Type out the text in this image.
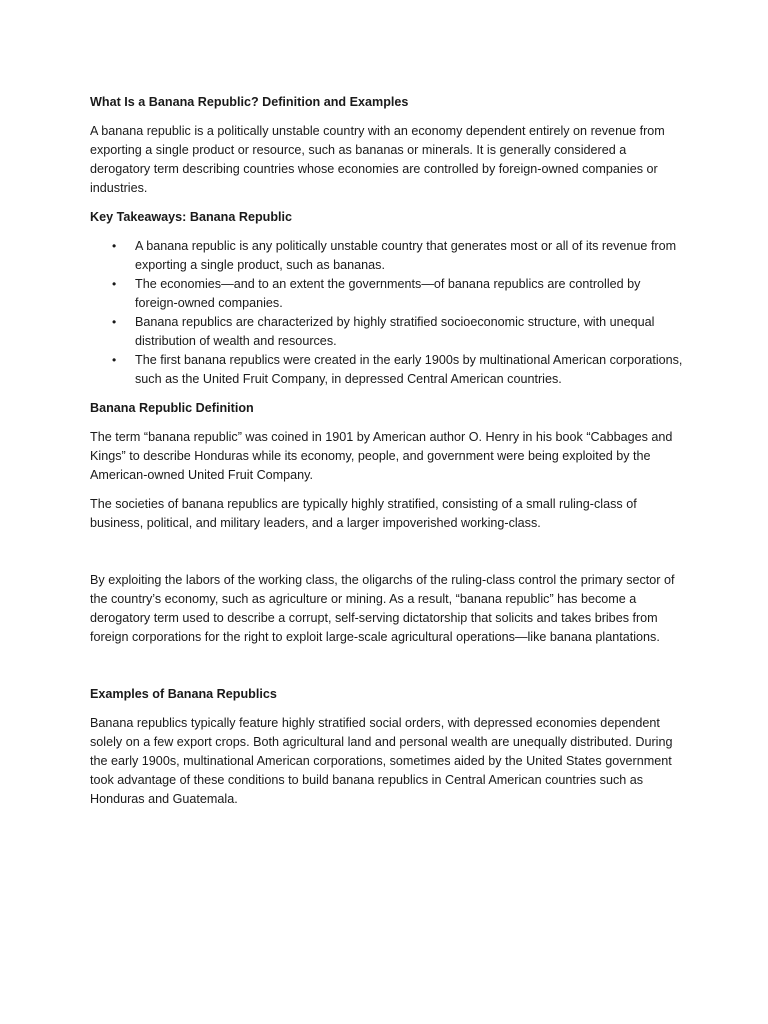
What Is a Banana Republic? Definition and Examples

A banana republic is a politically unstable country with an economy dependent entirely on revenue from exporting a single product or resource, such as bananas or minerals. It is generally considered a derogatory term describing countries whose economies are controlled by foreign-owned companies or industries.

Key Takeaways: Banana Republic
• A banana republic is any politically unstable country that generates most or all of its revenue from exporting a single product, such as bananas.
• The economies—and to an extent the governments—of banana republics are controlled by foreign-owned companies.
• Banana republics are characterized by highly stratified socioeconomic structure, with unequal distribution of wealth and resources.
• The first banana republics were created in the early 1900s by multinational American corporations, such as the United Fruit Company, in depressed Central American countries.
Banana Republic Definition

The term “banana republic” was coined in 1901 by American author O. Henry in his book “Cabbages and Kings” to describe Honduras while its economy, people, and government were being exploited by the American-owned United Fruit Company.

The societies of banana republics are typically highly stratified, consisting of a small ruling-class of business, political, and military leaders, and a larger impoverished working-class.

By exploiting the labors of the working class, the oligarchs of the ruling-class control the primary sector of the country’s economy, such as agriculture or mining. As a result, “banana republic” has become a derogatory term used to describe a corrupt, self-serving dictatorship that solicits and takes bribes from foreign corporations for the right to exploit large-scale agricultural operations—like banana plantations.

Examples of Banana Republics

Banana republics typically feature highly stratified social orders, with depressed economies dependent solely on a few export crops. Both agricultural land and personal wealth are unequally distributed. During the early 1900s, multinational American corporations, sometimes aided by the United States government took advantage of these conditions to build banana republics in Central American countries such as Honduras and Guatemala.
